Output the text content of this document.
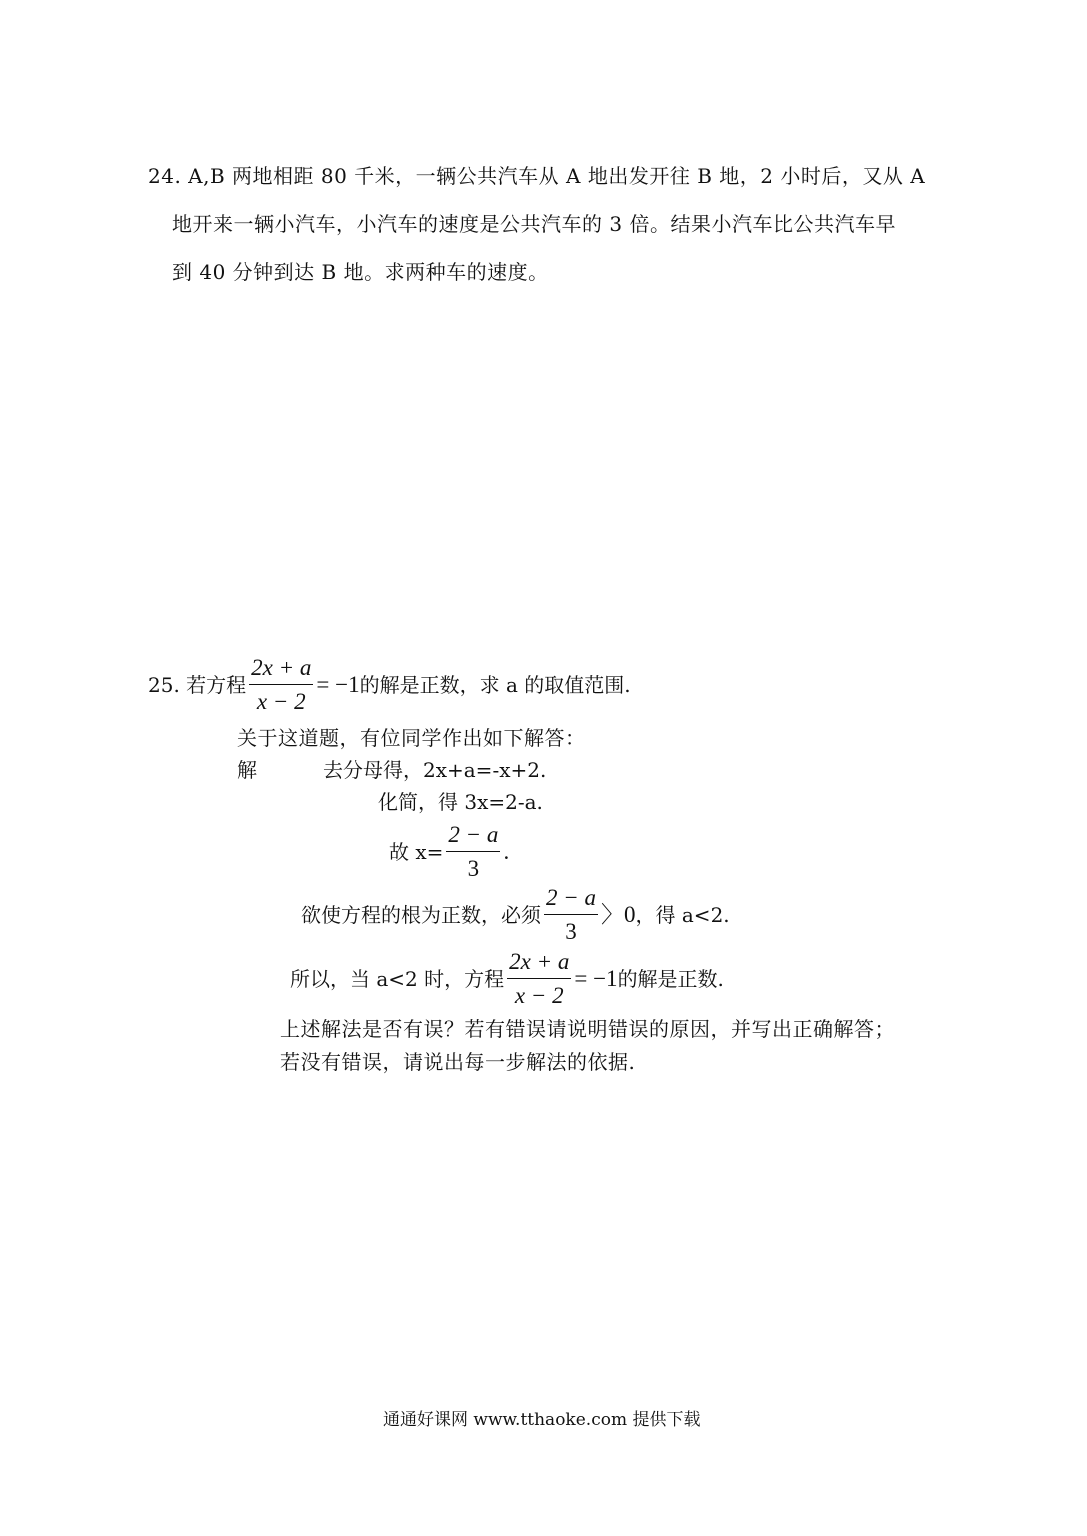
24. A,B 两地相距 80 千米，一辆公共汽车从 A 地出发开往 B 地，2 小时后，又从 A
地开来一辆小汽车，小汽车的速度是公共汽车的 3 倍。结果小汽车比公共汽车早
到 40 分钟到达 B 地。求两种车的速度。
25. 若方程 $\frac{2x + a}{x - 2} = -1$ 的解是正数，求 a 的取值范围.
关于这道题，有位同学作出如下解答：
解	去分母得，2x+a=-x+2.
化简，得 3x=2-a.
故 $x= \frac{2 - a}{3}$ .
欲使方程的根为正数，必须 $\frac{2 - a}{3}$ 〉0 ，得 a<2.
所以，当 a<2 时，方程 $\frac{2x + a}{x - 2} = -1$ 的解是正数.
上述解法是否有误？若有错误请说明错误的原因，并写出正确解答；
若没有错误，请说出每一步解法的依据.
通通好课网 www.tthaoke.com 提供下载
